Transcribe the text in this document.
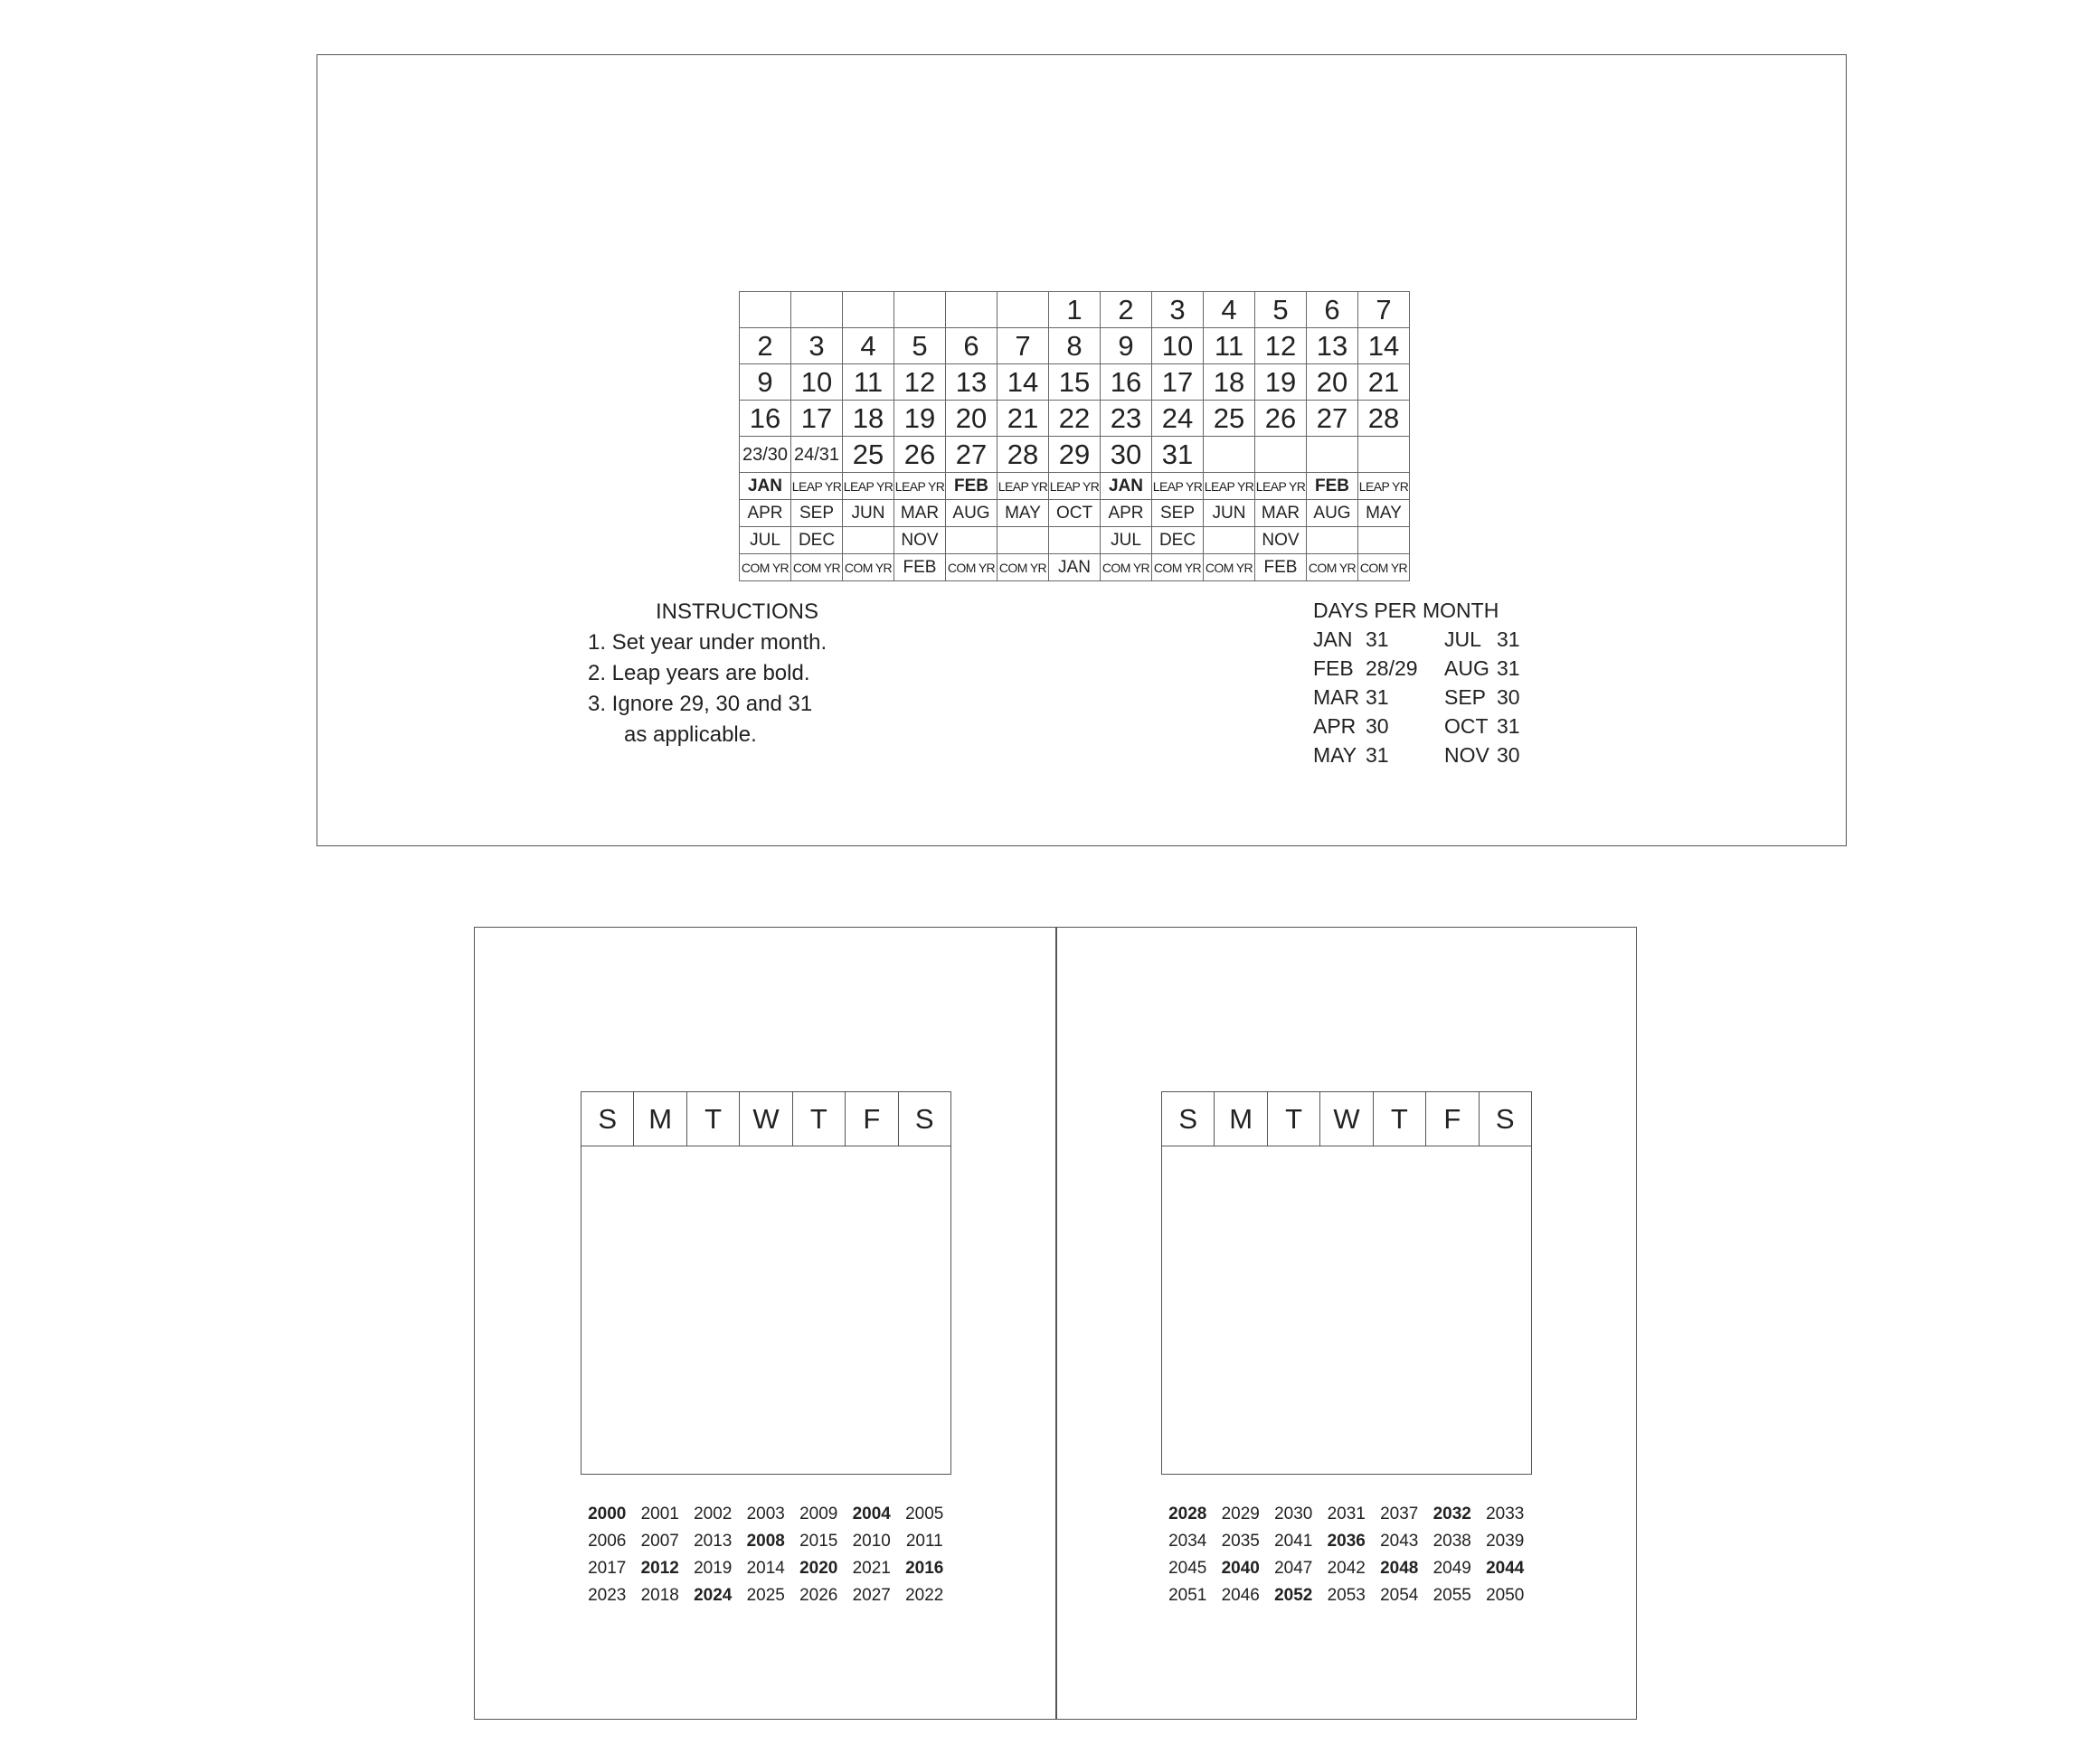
						1	2	3	4	5	6	7
2	3	4	5	6	7	8	9	10	11	12	13	14
9	10	11	12	13	14	15	16	17	18	19	20	21
16	17	18	19	20	21	22	23	24	25	26	27	28
23/30	24/31	25	26	27	28	29	30	31				
JAN	LEAP YR	LEAP YR	LEAP YR	FEB	LEAP YR	LEAP YR	JAN	LEAP YR	LEAP YR	LEAP YR	FEB	LEAP YR
APR	SEP	JUN	MAR	AUG	MAY	OCT	APR	SEP	JUN	MAR	AUG	MAY
JUL	DEC		NOV				JUL	DEC		NOV		
COM YR	COM YR	COM YR	FEB	COM YR	COM YR	JAN	COM YR	COM YR	COM YR	FEB	COM YR	COM YR
INSTRUCTIONS
1. Set year under month.
2. Leap years are bold.
3. Ignore 29, 30 and 31
as applicable.
DAYS PER MONTH
JAN 31	JUL 31
FEB 28/29 AUG 31
MAR 31	SEP 30
APR 30	OCT 31
MAY 31	NOV 30
S	M	T	W	T	F	S	S	M	T	W	T	F	S
2000	2001	2002	2003	2009	2004	2005
2006	2007	2013	2008	2015	2010	2011
2017	2012	2019	2014	2020	2021	2016
2023	2018	2024	2025	2026	2027	2022
2028	2029	2030	2031	2037	2032	2033
2034	2035	2041	2036	2043	2038	2039
2045	2040	2047	2042	2048	2049	2044
2051	2046	2052	2053	2054	2055	2050
